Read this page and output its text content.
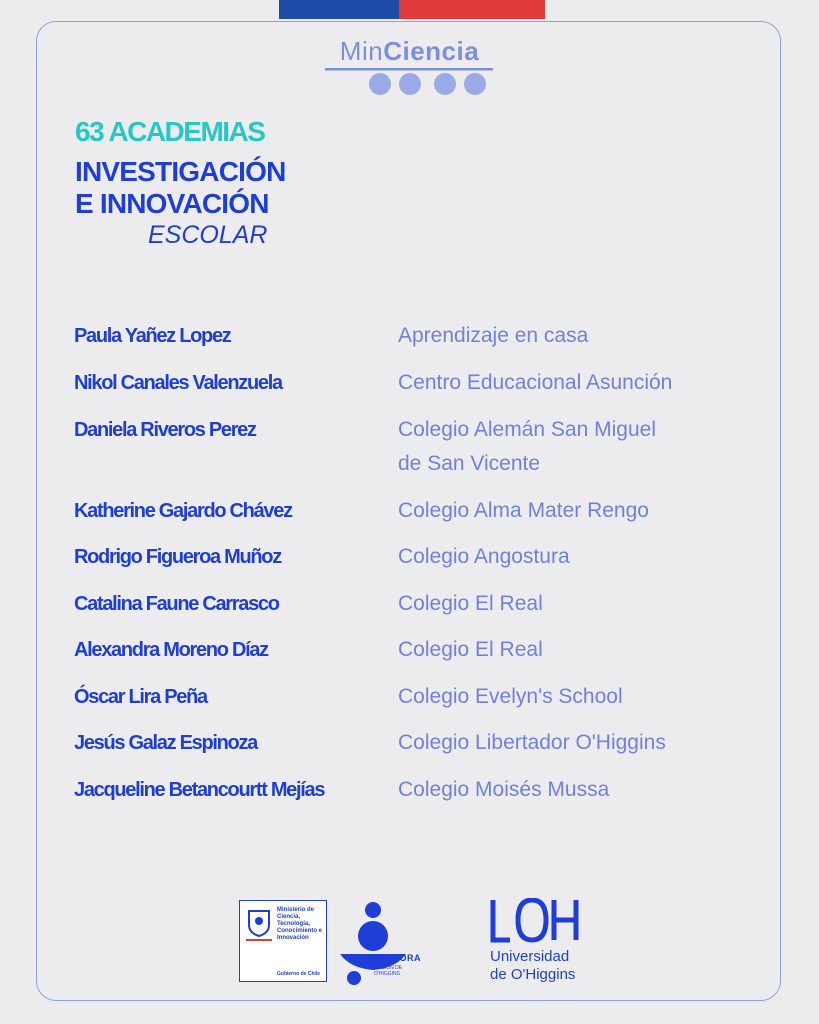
MinCiencia
63 ACADEMIAS
INVESTIGACIÓN
E INNOVACIÓN
ESCOLAR
Paula Yañez Lopez	Aprendizaje en casa
Nikol Canales Valenzuela	Centro Educacional Asunción
Daniela Riveros Perez	Colegio Alemán San Miguel
de San Vicente
Katherine Gajardo Chávez	Colegio Alma Mater Rengo
Rodrigo Figueroa Muñoz	Colegio Angostura
Catalina Faune Carrasco	Colegio El Real
Alexandra Moreno Díaz	Colegio El Real
Óscar Lira Peña	Colegio Evelyn's School
Jesús Galaz Espinoza	Colegio Libertador O'Higgins
Jacqueline Betancourtt Mejías	Colegio Moisés Mussa
Ministerio de Ciencia, Tecnología, Conocimiento e Innovación
Gobierno de Chile
EXPLORA
REGIÓN DE
O'HIGGINS
Universidad
de O'Higgins
